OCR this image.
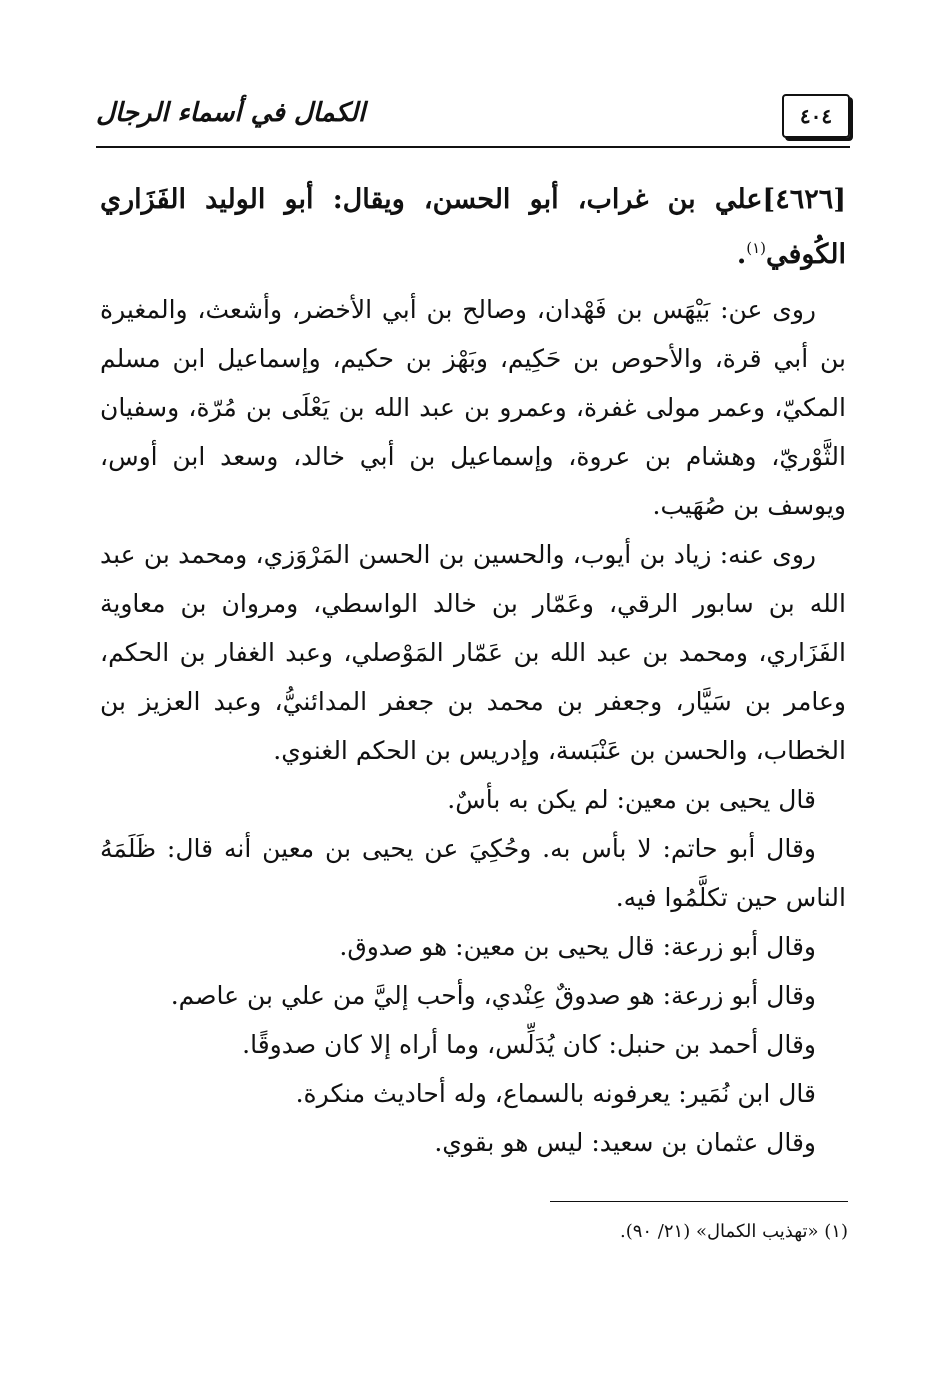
٤٠٤
الكمال في أسماء الرجال

[٤٦٢٦]علي بن غراب، أبو الحسن، ويقال: أبو الوليد الفَزَاري الكُوفي$^{(١)}$.

روى عن: بَيْهَس بن فَهْدان، وصالح بن أبي الأخضر، وأشعث، والمغيرة بن أبي قرة، والأحوص بن حَكِيم، وبَهْز بن حكيم، وإسماعيل ابن مسلم المكيّ، وعمر مولى غفرة، وعمرو بن عبد الله بن يَعْلَى بن مُرّة، وسفيان الثَّوْريّ، وهشام بن عروة، وإسماعيل بن أبي خالد، وسعد ابن أوس، ويوسف بن صُهَيب.

روى عنه: زياد بن أيوب، والحسين بن الحسن المَرْوَزي، ومحمد بن عبد الله بن سابور الرقي، وعَمّار بن خالد الواسطي، ومروان بن معاوية الفَزَاري، ومحمد بن عبد الله بن عَمّار المَوْصلي، وعبد الغفار بن الحكم، وعامر بن سَيَّار، وجعفر بن محمد بن جعفر المدائنيُّ، وعبد العزيز بن الخطاب، والحسن بن عَنْبَسة، وإدريس بن الحكم الغنوي.

قال يحيى بن معين: لم يكن به بأسٌ.

وقال أبو حاتم: لا بأس به. وحُكِيَ عن يحيى بن معين أنه قال: ظَلَمَهُ الناس حين تكلَّمُوا فيه.

وقال أبو زرعة: قال يحيى بن معين: هو صدوق.

وقال أبو زرعة: هو صدوقٌ عِنْدي، وأحب إليَّ من علي بن عاصم.

وقال أحمد بن حنبل: كان يُدَلِّس، وما أراه إلا كان صدوقًا.

قال ابن نُمَير: يعرفونه بالسماع، وله أحاديث منكرة.

وقال عثمان بن سعيد: ليس هو بقوي.

(١) «تهذيب الكمال» (٢١/ ٩٠).
